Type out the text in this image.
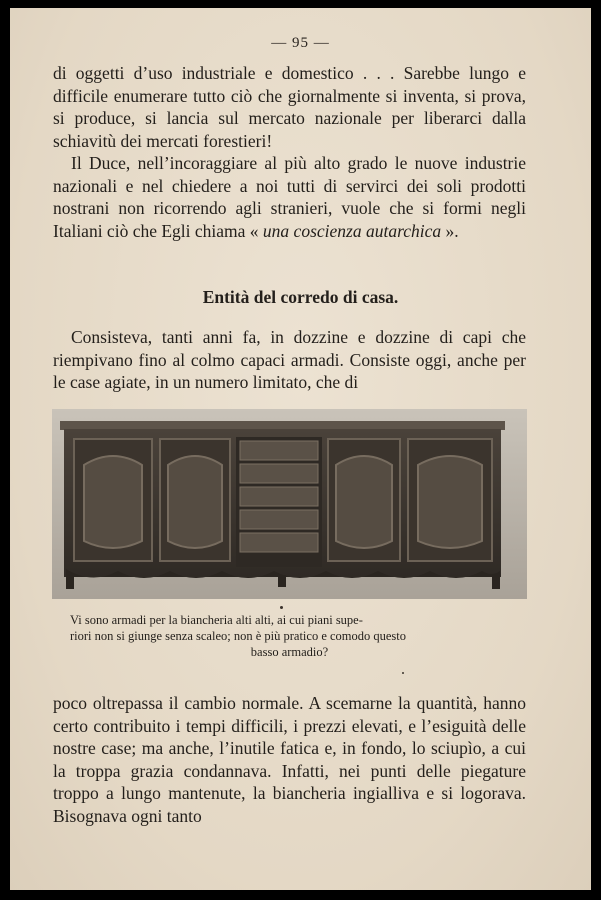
— 95 —

di oggetti d’uso industriale e domestico . . . Sarebbe lungo e difficile enumerare tutto ciò che giornalmente si inventa, si prova, si produce, si lancia sul mercato nazionale per liberarci dalla schiavitù dei mercati forestieri!

Il Duce, nell’incoraggiare al più alto grado le nuove industrie nazionali e nel chiedere a noi tutti di servirci dei soli prodotti nostrani non ricorrendo agli stranieri, vuole che si formi negli Italiani ciò che Egli chiama « una coscienza autarchica ».

Entità del corredo di casa.

Consisteva, tanti anni fa, in dozzine e dozzine di capi che riempivano fino al colmo capaci armadi. Consiste oggi, anche per le case agiate, in un numero limitato, che di

Vi sono armadi per la biancheria alti alti, ai cui piani supe-
riori non si giunge senza scaleo; non è più pratico e comodo questo
basso armadio?

poco oltrepassa il cambio normale. A scemarne la quantità, hanno certo contribuito i tempi difficili, i prezzi elevati, e l’esiguità delle nostre case; ma anche, l’inutile fatica e, in fondo, lo sciupìo, a cui la troppa grazia condannava. Infatti, nei punti delle piegature troppo a lungo mantenute, la biancheria ingialliva e si logorava. Bisognava ogni tanto
